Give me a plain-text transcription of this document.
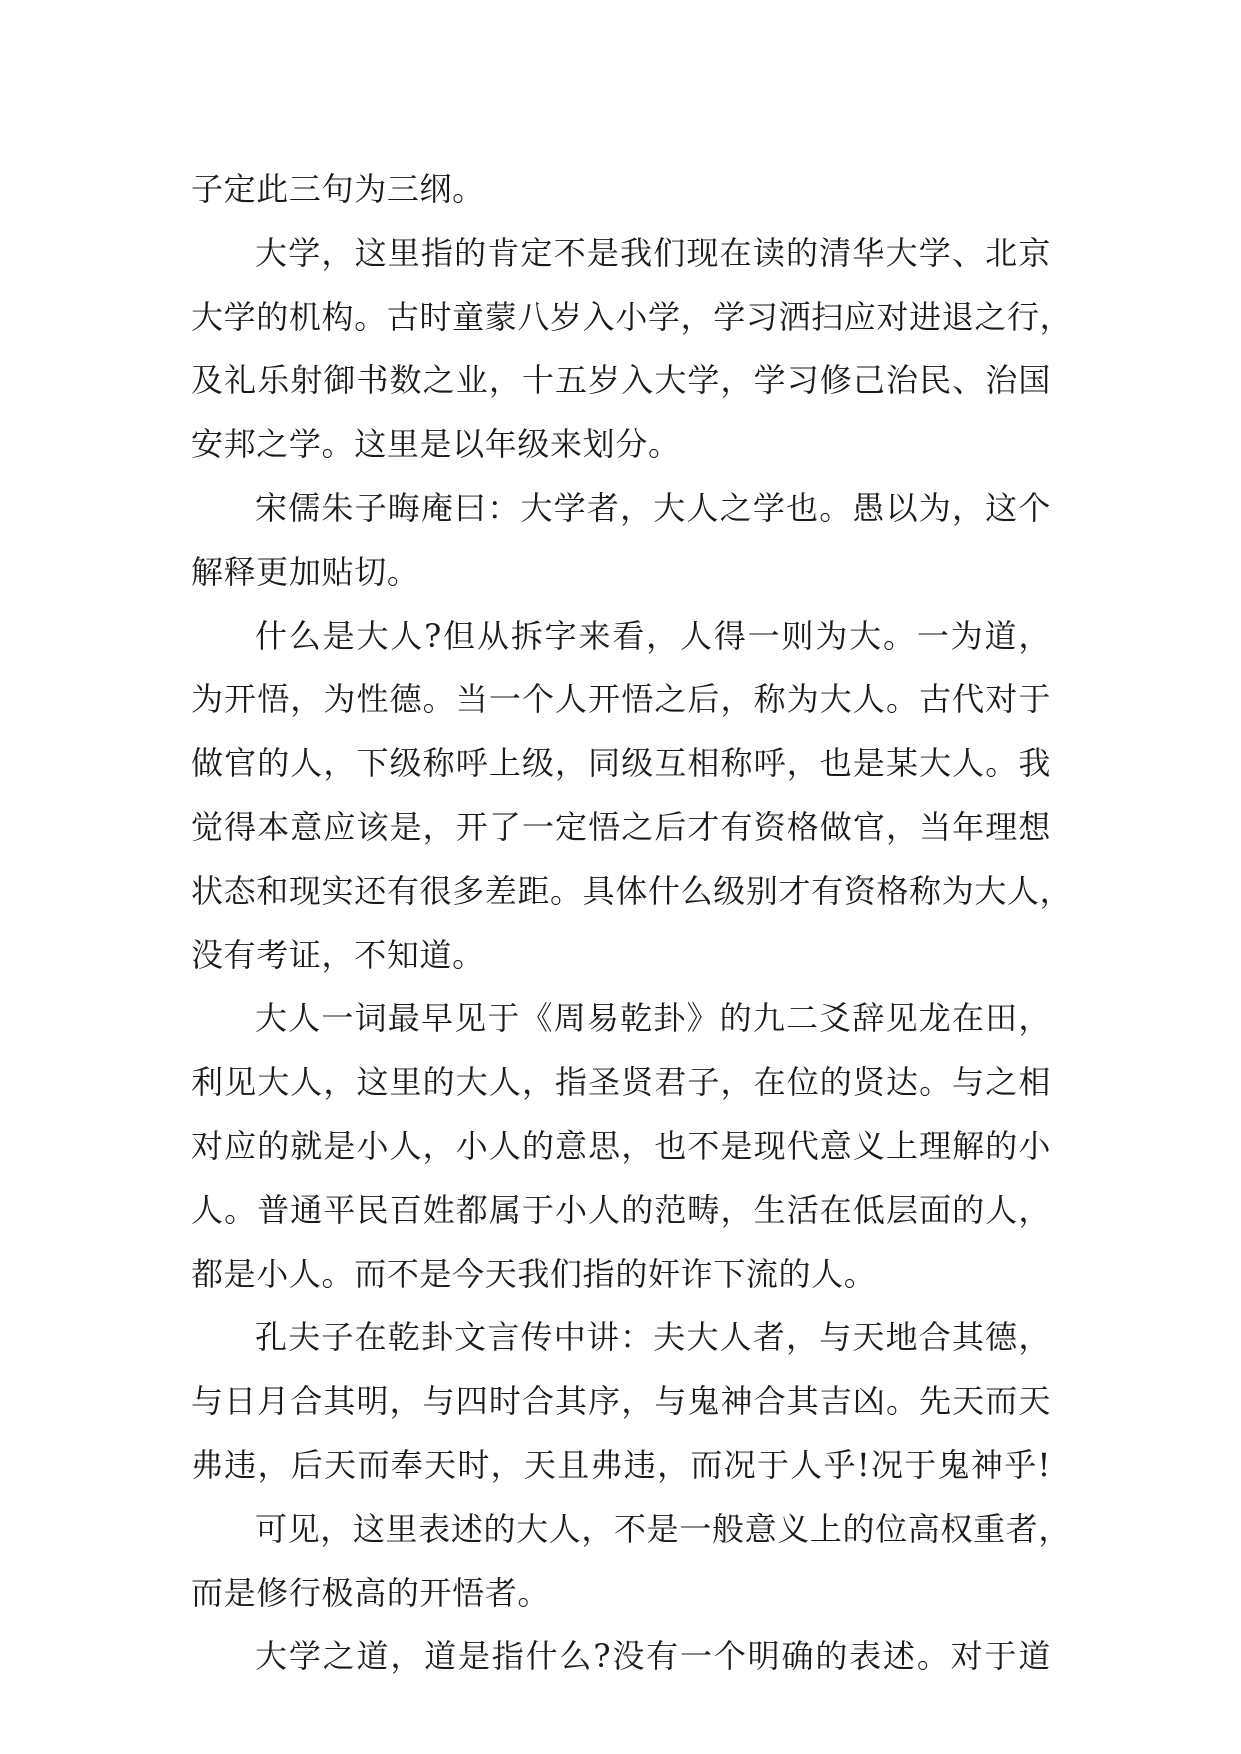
子定此三句为三纲。
大学，这里指的肯定不是我们现在读的清华大学、北京
大学的机构。古时童蒙八岁入小学，学习洒扫应对进退之行，
及礼乐射御书数之业，十五岁入大学，学习修己治民、治国
安邦之学。这里是以年级来划分。
宋儒朱子晦庵曰：大学者，大人之学也。愚以为，这个
解释更加贴切。
什么是大人?但从拆字来看，人得一则为大。一为道，
为开悟，为性德。当一个人开悟之后，称为大人。古代对于
做官的人，下级称呼上级，同级互相称呼，也是某大人。我
觉得本意应该是，开了一定悟之后才有资格做官，当年理想
状态和现实还有很多差距。具体什么级别才有资格称为大人，
没有考证，不知道。
大人一词最早见于《周易乾卦》的九二爻辞见龙在田，
利见大人，这里的大人，指圣贤君子，在位的贤达。与之相
对应的就是小人，小人的意思，也不是现代意义上理解的小
人。普通平民百姓都属于小人的范畴，生活在低层面的人，
都是小人。而不是今天我们指的奸诈下流的人。
孔夫子在乾卦文言传中讲：夫大人者，与天地合其德，
与日月合其明，与四时合其序，与鬼神合其吉凶。先天而天
弗违，后天而奉天时，天且弗违，而况于人乎!况于鬼神乎!
可见，这里表述的大人，不是一般意义上的位高权重者，
而是修行极高的开悟者。
大学之道，道是指什么?没有一个明确的表述。对于道
